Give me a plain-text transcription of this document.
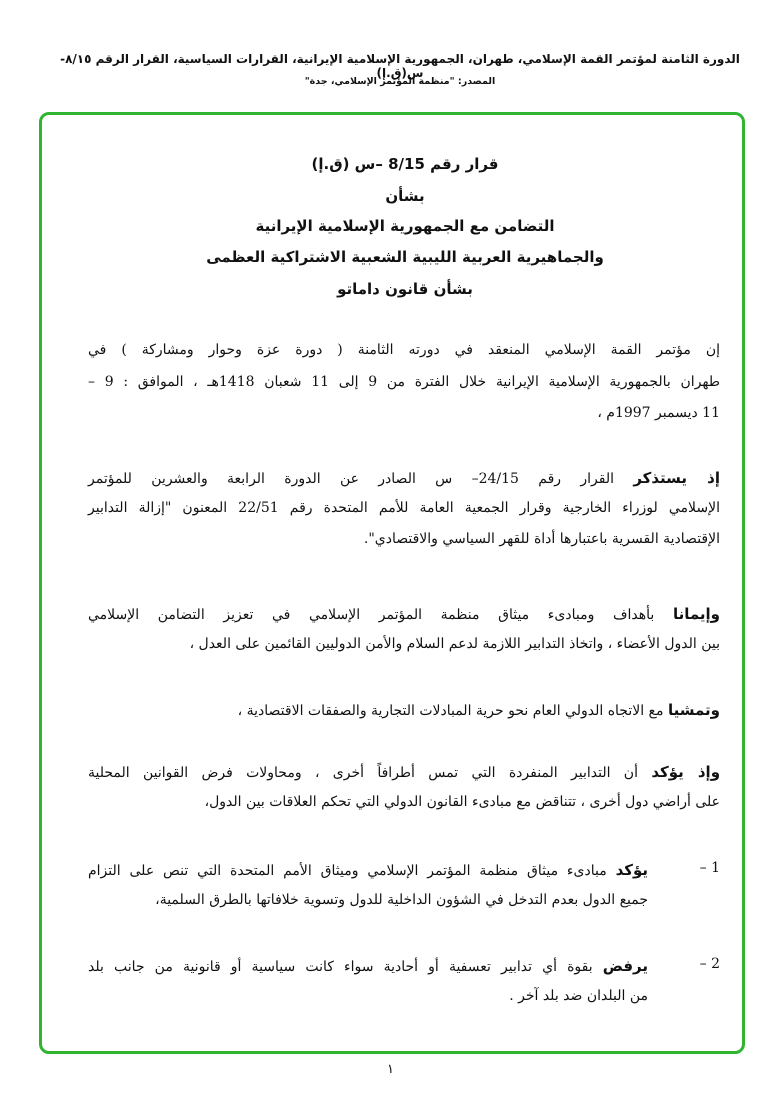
الدورة الثامنة لمؤتمر القمة الإسلامي، طهران، الجمهورية الإسلامية الإيرانية، القرارات السياسية، القرار الرقم ٨/١٥-س(ق.إ)
المصدر: "منظمة المؤتمر الإسلامي، جدة"
قرار رقم 8/15 –س (ق.إ)
بشأن
التضامن مع الجمهورية الإسلامية الإيرانية
والجماهيرية العربية الليبية الشعبية الاشتراكية العظمى
بشأن قانون داماتو
إن مؤتمر القمة الإسلامي المنعقد في دورته الثامنة ( دورة عزة وحوار ومشاركة ) في
طهران بالجمهورية الإسلامية الإيرانية خلال الفترة من 9 إلى 11 شعبان 1418هـ ، الموافق : 9 –
11 ديسمبر 1997م ،
إذ يستذكر القرار رقم 24/15– س الصادر عن الدورة الرابعة والعشرين للمؤتمر
الإسلامي لوزراء الخارجية وقرار الجمعية العامة للأمم المتحدة رقم 22/51 المعنون "إزالة التدابير
الإقتصادية القسرية باعتبارها أداة للقهر السياسي والاقتصادي".
وإيمانا بأهداف ومبادىء ميثاق منظمة المؤتمر الإسلامي في تعزيز التضامن الإسلامي
بين الدول الأعضاء ، واتخاذ التدابير اللازمة لدعم السلام والأمن الدوليين القائمين على العدل ،
وتمشيا مع الاتجاه الدولي العام نحو حرية المبادلات التجارية والصفقات الاقتصادية ،
وإذ يؤكد أن التدابير المنفردة التي تمس أطرافاً أخرى ، ومحاولات فرض القوانين المحلية
على أراضي دول أخرى ، تتناقض مع مبادىء القانون الدولي التي تحكم العلاقات بين الدول،
1 –
يؤكد مبادىء ميثاق منظمة المؤتمر الإسلامي وميثاق الأمم المتحدة التي تنص على التزام
جميع الدول بعدم التدخل في الشؤون الداخلية للدول وتسوية خلافاتها بالطرق السلمية،
2 –
يرفض بقوة أي تدابير تعسفية أو أحادية سواء كانت سياسية أو قانونية من جانب بلد
من البلدان ضد بلد آخر .
١
